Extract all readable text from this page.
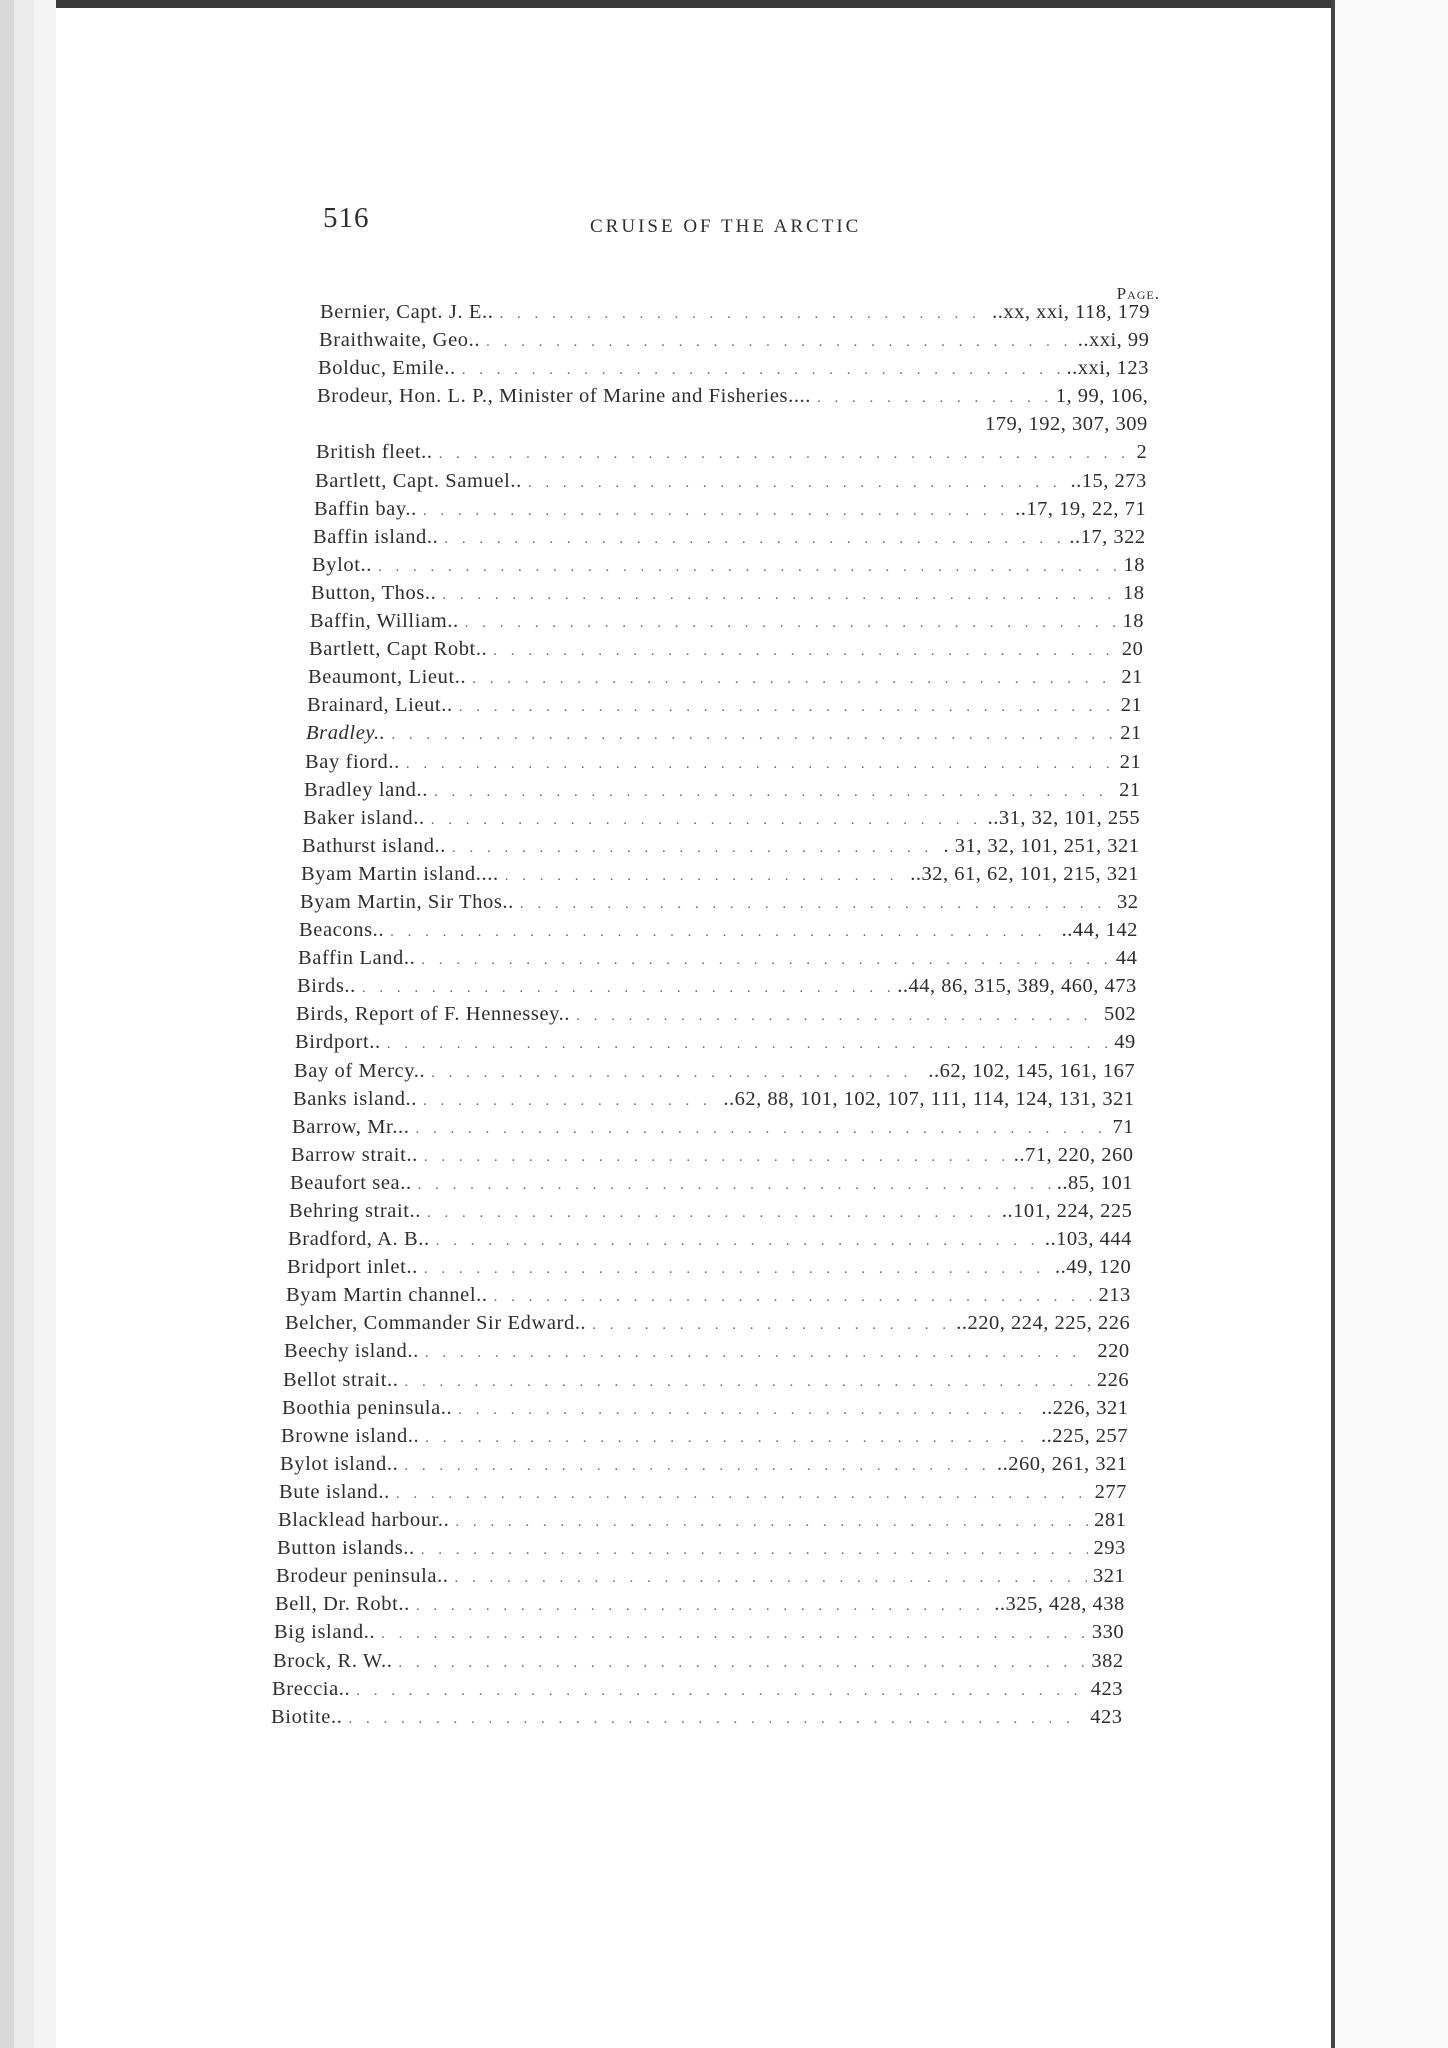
516	CRUISE OF THE ARCTIC
Page.
Bernier, Capt. J. E.. . . .	..xx, xxi, 118, 179
Braithwaite, Geo.. . . .	..xxi, 99
Bolduc, Emile.. . . .	..xxi, 123
Brodeur, Hon. L. P., Minister of Marine and Fisheries.... . . .	1, 99, 106,
179, 192, 307, 309
British fleet.. . . .	2
Bartlett, Capt. Samuel.. . . .	..15, 273
Baffin bay.. . . .	..17, 19, 22, 71
Baffin island.. . . .	..17, 322
Bylot.. . . .	18
Button, Thos.. . . .	18
Baffin, William.. . . .	18
Bartlett, Capt Robt.. . . .	20
Beaumont, Lieut.. . . .	21
Brainard, Lieut.. . . .	21
Bradley.. . . .	21
Bay fiord.. . . .	21
Bradley land.. . . .	21
Baker island.. . . .	..31, 32, 101, 255
Bathurst island.. . . .	. 31, 32, 101, 251, 321
Byam Martin island.... . . .	..32, 61, 62, 101, 215, 321
Byam Martin, Sir Thos.. . . .	32
Beacons.. . . .	..44, 142
Baffin Land.. . . .	44
Birds.. . . .	..44, 86, 315, 389, 460, 473
Birds, Report of F. Hennessey.. . . .	502
Birdport.. . . .	49
Bay of Mercy.. . . .	..62, 102, 145, 161, 167
Banks island.. . . .	..62, 88, 101, 102, 107, 111, 114, 124, 131, 321
Barrow, Mr... . . .	71
Barrow strait.. . . .	..71, 220, 260
Beaufort sea.. . . .	..85, 101
Behring strait.. . . .	..101, 224, 225
Bradford, A. B.. . . .	..103, 444
Bridport inlet.. . . .	..49, 120
Byam Martin channel.. . . .	213
Belcher, Commander Sir Edward.. . . .	..220, 224, 225, 226
Beechy island.. . . .	220
Bellot strait.. . . .	226
Boothia peninsula.. . . .	..226, 321
Browne island.. . . .	..225, 257
Bylot island.. . . .	..260, 261, 321
Bute island.. . . .	277
Blacklead harbour.. . . .	281
Button islands.. . . .	293
Brodeur peninsula.. . . .	321
Bell, Dr. Robt.. . . .	..325, 428, 438
Big island.. . . .	330
Brock, R. W.. . . .	382
Breccia.. . . .	423
Biotite.. . . .	423
